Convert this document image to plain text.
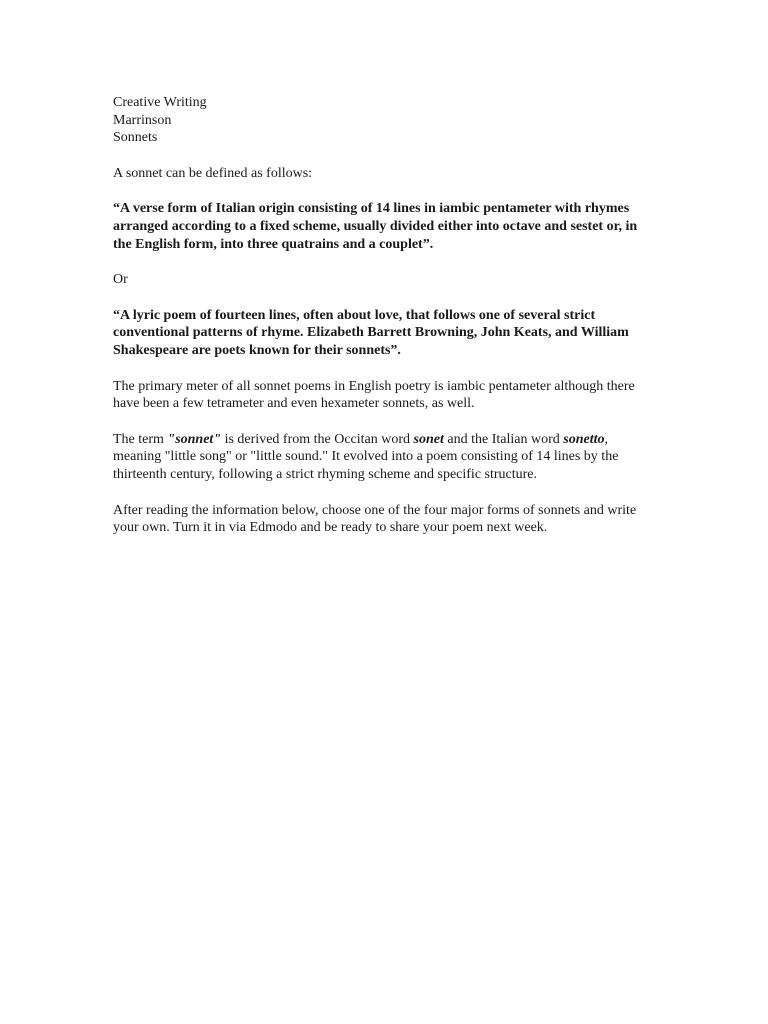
Creative Writing

Marrinson

Sonnets

A sonnet can be defined as follows:

“A verse form of Italian origin consisting of 14 lines in iambic pentameter with rhymes arranged according to a fixed scheme, usually divided either into octave and sestet or, in the English form, into three quatrains and a couplet”.

Or

“A lyric poem of fourteen lines, often about love, that follows one of several strict conventional patterns of rhyme. Elizabeth Barrett Browning, John Keats, and William Shakespeare are poets known for their sonnets”.

The primary meter of all sonnet poems in English poetry is iambic pentameter although there have been a few tetrameter and even hexameter sonnets, as well.

The term "sonnet" is derived from the Occitan word sonet and the Italian word sonetto, meaning "little song" or "little sound." It evolved into a poem consisting of 14 lines by the thirteenth century, following a strict rhyming scheme and specific structure.

After reading the information below, choose one of the four major forms of sonnets and write your own. Turn it in via Edmodo and be ready to share your poem next week.
